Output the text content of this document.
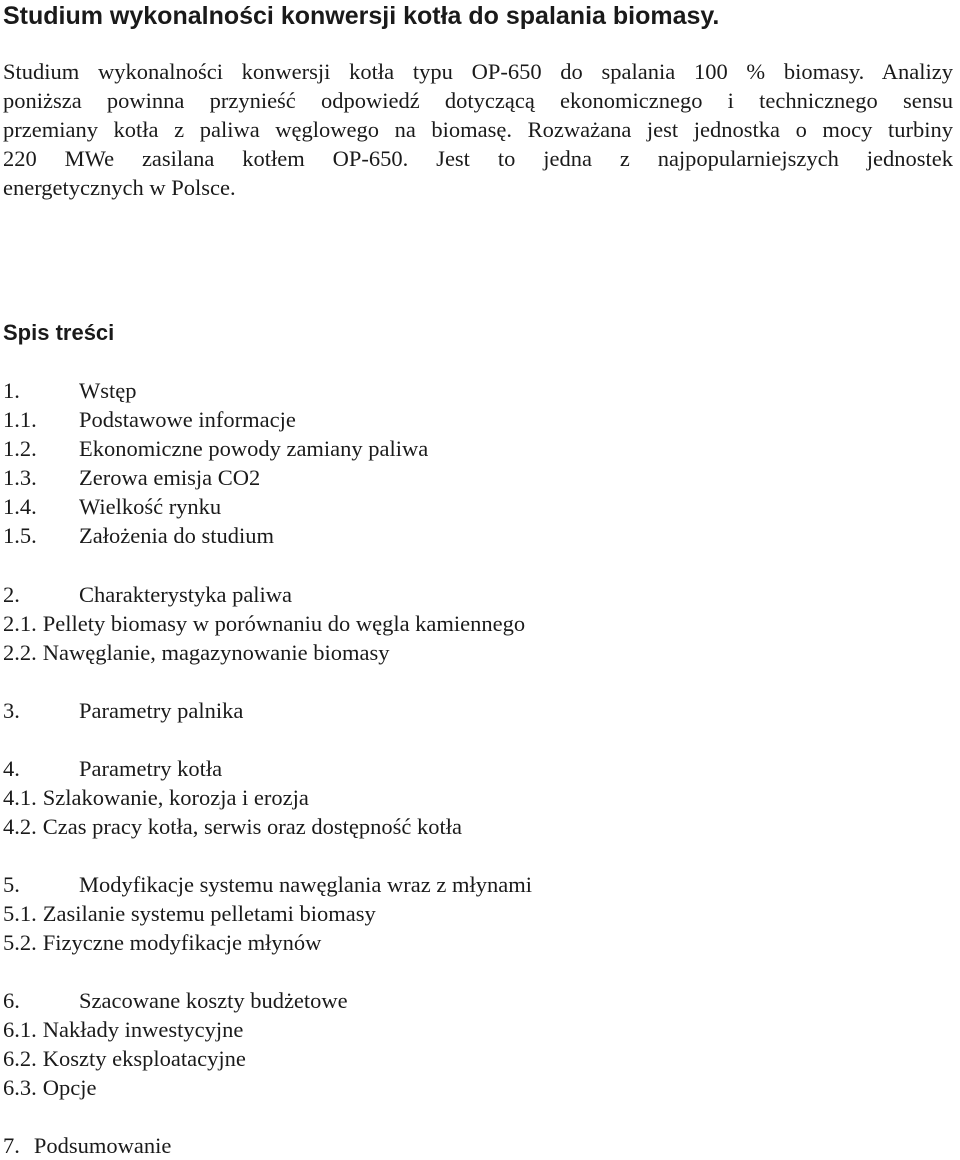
Studium wykonalności konwersji kotła do spalania biomasy.

Studium wykonalności konwersji kotła typu OP-650 do spalania 100 % biomasy. Analizy

poniższa powinna przynieść odpowiedź dotyczącą ekonomicznego i technicznego sensu

przemiany kotła z paliwa węglowego na biomasę. Rozważana jest jednostka o mocy turbiny

220 MWe zasilana kotłem OP-650. Jest to jedna z najpopularniejszych jednostek

energetycznych w Polsce.

Spis treści
1.	Wstęp
1.1. Podstawowe informacje
1.2. Ekonomiczne powody zamiany paliwa
1.3. Zerowa emisja CO2
1.4. Wielkość rynku
1.5. Założenia do studium
2.	Charakterystyka paliwa
2.1. Pellety biomasy w porównaniu do węgla kamiennego
2.2. Nawęglanie, magazynowanie biomasy
3.	Parametry palnika
4.	Parametry kotła
4.1. Szlakowanie, korozja i erozja
4.2. Czas pracy kotła, serwis oraz dostępność kotła
5.	Modyfikacje systemu nawęglania wraz z młynami
5.1. Zasilanie systemu pelletami biomasy
5.2. Fizyczne modyfikacje młynów
6.	Szacowane koszty budżetowe
6.1. Nakłady inwestycyjne
6.2. Koszty eksploatacyjne
6.3. Opcje
7. Podsumowanie
